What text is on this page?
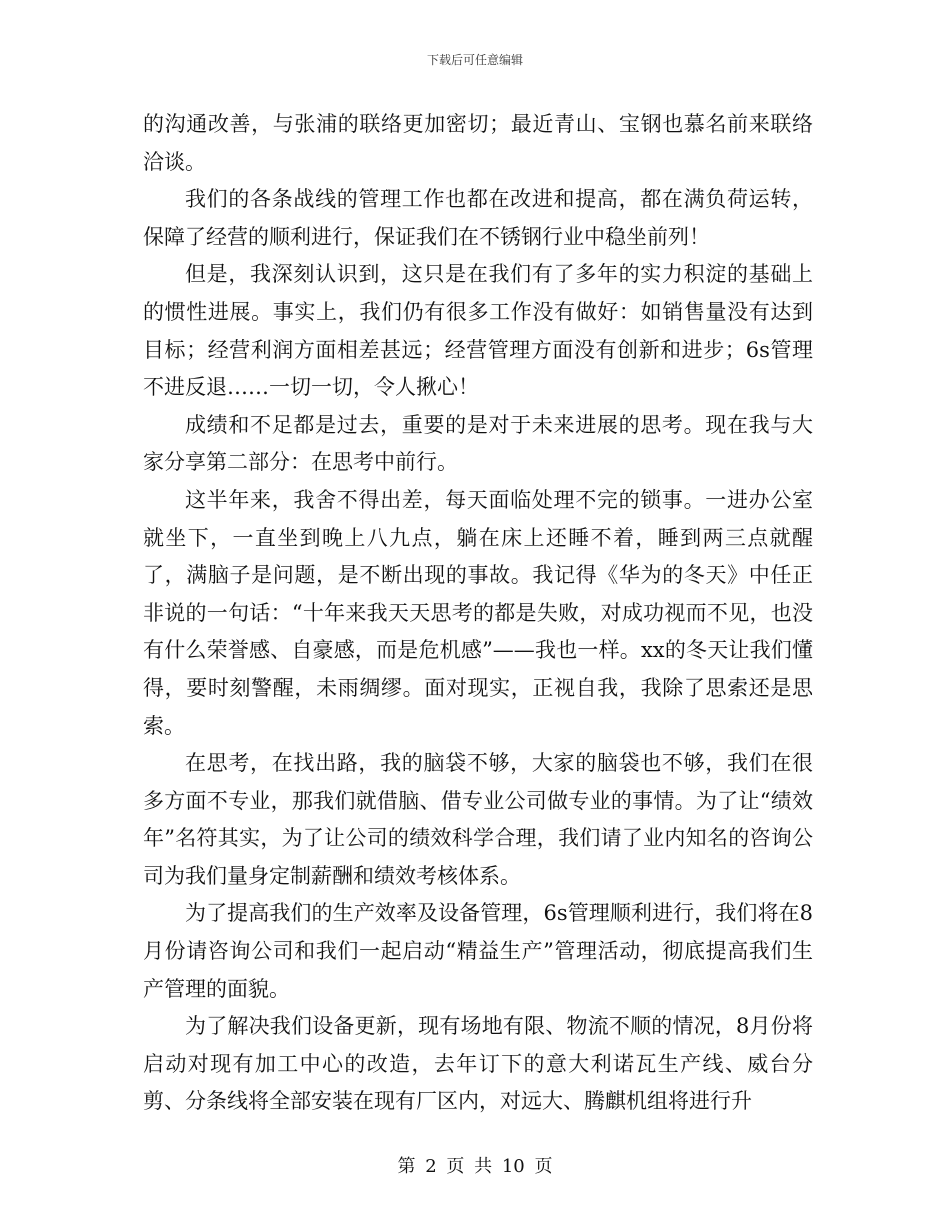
下载后可任意编辑

的沟通改善，与张浦的联络更加密切；最近青山、宝钢也慕名前来联络洽谈。

我们的各条战线的管理工作也都在改进和提高，都在满负荷运转，保障了经营的顺利进行，保证我们在不锈钢行业中稳坐前列！

但是，我深刻认识到，这只是在我们有了多年的实力积淀的基础上的惯性进展。事实上，我们仍有很多工作没有做好：如销售量没有达到目标；经营利润方面相差甚远；经营管理方面没有创新和进步；6s管理不进反退……一切一切，令人揪心！

成绩和不足都是过去，重要的是对于未来进展的思考。现在我与大家分享第二部分：在思考中前行。

这半年来，我舍不得出差，每天面临处理不完的锁事。一进办公室就坐下，一直坐到晚上八九点，躺在床上还睡不着，睡到两三点就醒了，满脑子是问题，是不断出现的事故。我记得《华为的冬天》中任正非说的一句话：“十年来我天天思考的都是失败，对成功视而不见，也没有什么荣誉感、自豪感，而是危机感”——我也一样。xx的冬天让我们懂得，要时刻警醒，未雨绸缪。面对现实，正视自我，我除了思索还是思索。

在思考，在找出路，我的脑袋不够，大家的脑袋也不够，我们在很多方面不专业，那我们就借脑、借专业公司做专业的事情。为了让“绩效年”名符其实，为了让公司的绩效科学合理，我们请了业内知名的咨询公司为我们量身定制薪酬和绩效考核体系。

为了提高我们的生产效率及设备管理，6s管理顺利进行，我们将在8月份请咨询公司和我们一起启动“精益生产”管理活动，彻底提高我们生产管理的面貌。

为了解决我们设备更新，现有场地有限、物流不顺的情况，8月份将启动对现有加工中心的改造，去年订下的意大利诺瓦生产线、威台分剪、分条线将全部安装在现有厂区内，对远大、腾麒机组将进行升

第 2 页 共 10 页
